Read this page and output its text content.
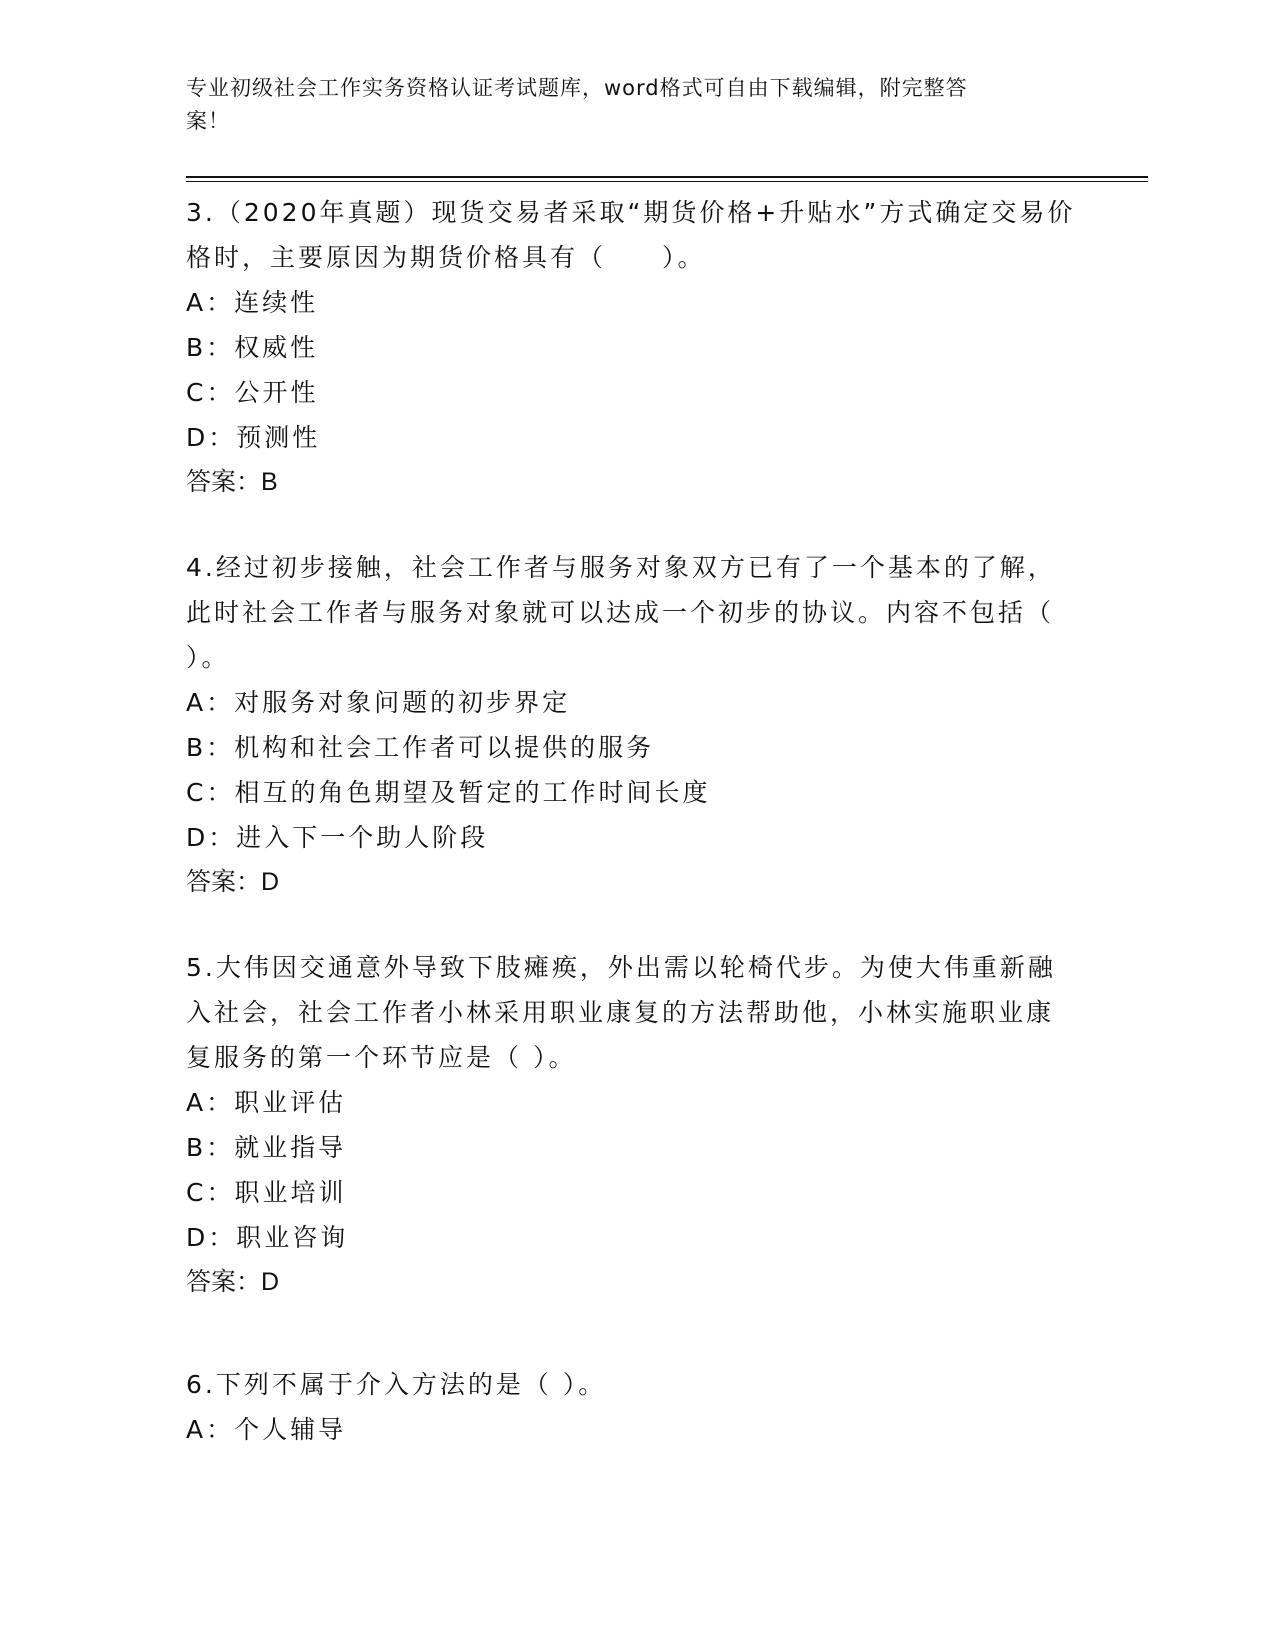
专业初级社会工作实务资格认证考试题库，word格式可自由下载编辑，附完整答
案！

3.（2020年真题）现货交易者采取“期货价格+升贴水”方式确定交易价格时，主要原因为期货价格具有（　　）。

A：连续性

B：权威性

C：公开性

D：预测性

答案：B

4.经过初步接触，社会工作者与服务对象双方已有了一个基本的了解，此时社会工作者与服务对象就可以达成一个初步的协议。内容不包括（ ）。

A：对服务对象问题的初步界定

B：机构和社会工作者可以提供的服务

C：相互的角色期望及暂定的工作时间长度

D：进入下一个助人阶段

答案：D

5.大伟因交通意外导致下肢瘫痪，外出需以轮椅代步。为使大伟重新融入社会，社会工作者小林采用职业康复的方法帮助他，小林实施职业康复服务的第一个环节应是（ ）。

A：职业评估

B：就业指导

C：职业培训

D：职业咨询

答案：D

6.下列不属于介入方法的是（ ）。

A：个人辅导
